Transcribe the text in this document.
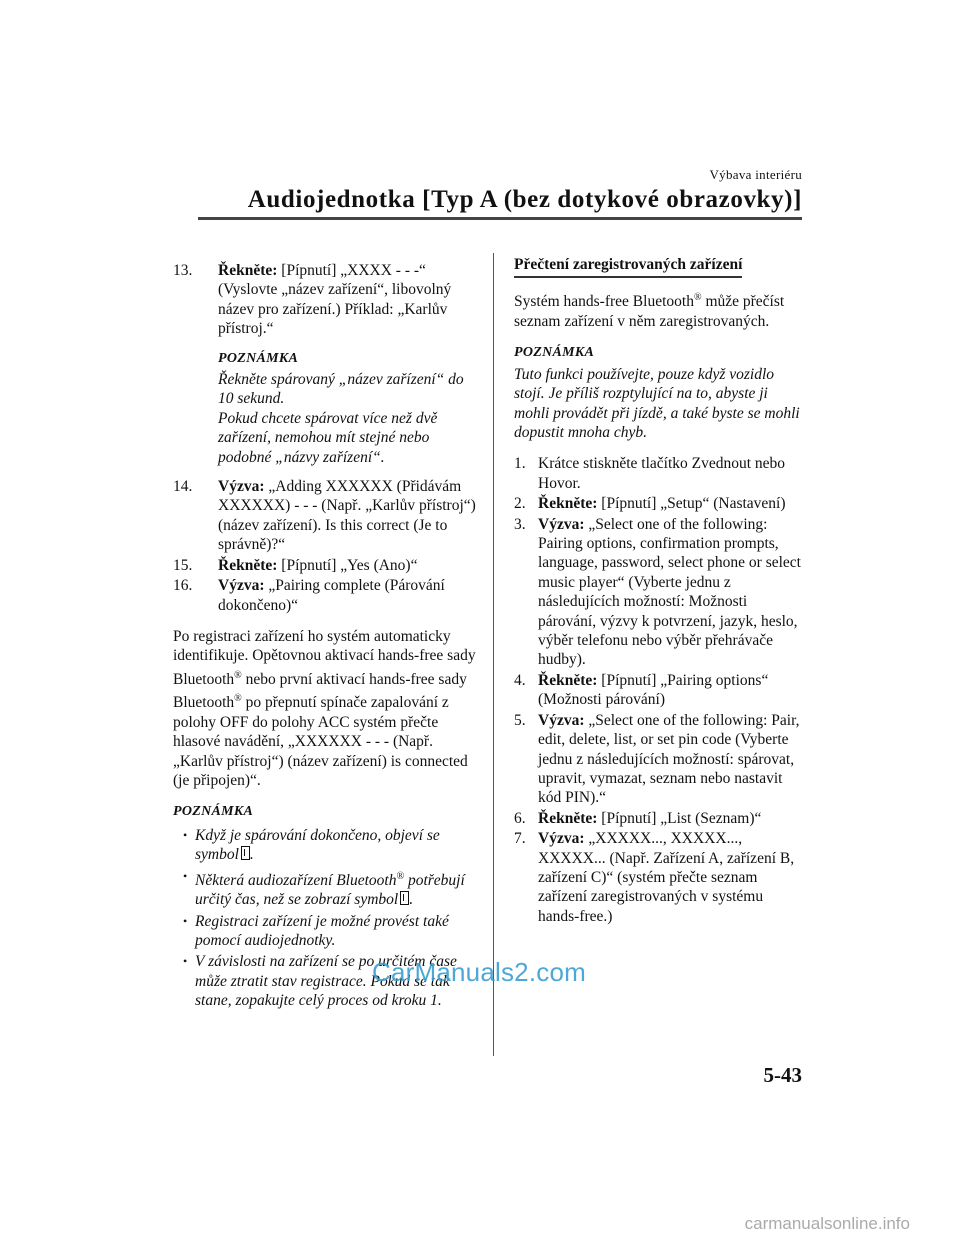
Výbava interiéru
Audiojednotka [Typ A (bez dotykové obrazovky)]
13.	Řekněte: [Pípnutí] „XXXX - - -“ (Vyslovte „název zařízení“, libovolný název pro zařízení.) Příklad: „Karlův přístroj.“
POZNÁMKA
Řekněte spárovaný „název zařízení“ do 10 sekund.
Pokud chcete spárovat více než dvě zařízení, nemohou mít stejné nebo podobné „názvy zařízení“.
14.	Výzva: „Adding XXXXXX (Přidávám XXXXXX) - - - (Např. „Karlův přístroj“) (název zařízení). Is this correct (Je to správně)?“
15.	Řekněte: [Pípnutí] „Yes (Ano)“
16.	Výzva: „Pairing complete (Párování dokončeno)“
Po registraci zařízení ho systém automaticky identifikuje. Opětovnou aktivací hands-free sady Bluetooth® nebo první aktivací hands-free sady Bluetooth® po přepnutí spínače zapalování z polohy OFF do polohy ACC systém přečte hlasové navádění, „XXXXXX - - - (Např. „Karlův přístroj“) (název zařízení) is connected (je připojen)“.
POZNÁMKA
• Když je spárování dokončeno, objeví se symbol .
• Některá audiozařízení Bluetooth® potřebují určitý čas, než se zobrazí symbol .
• Registraci zařízení je možné provést také pomocí audiojednotky.
• V závislosti na zařízení se po určitém čase může ztratit stav registrace. Pokud se tak stane, zopakujte celý proces od kroku 1.
Přečtení zaregistrovaných zařízení
Systém hands-free Bluetooth® může přečíst seznam zařízení v něm zaregistrovaných.
POZNÁMKA
Tuto funkci používejte, pouze když vozidlo stojí. Je příliš rozptylující na to, abyste ji mohli provádět při jízdě, a také byste se mohli dopustit mnoha chyb.
1. Krátce stiskněte tlačítko Zvednout nebo Hovor.
2. Řekněte: [Pípnutí] „Setup“ (Nastavení)
3. Výzva: „Select one of the following: Pairing options, confirmation prompts, language, password, select phone or select music player“ (Vyberte jednu z následujících možností: Možnosti párování, výzvy k potvrzení, jazyk, heslo, výběr telefonu nebo výběr přehrávače hudby).
4. Řekněte: [Pípnutí] „Pairing options“ (Možnosti párování)
5. Výzva: „Select one of the following: Pair, edit, delete, list, or set pin code (Vyberte jednu z následujících možností: spárovat, upravit, vymazat, seznam nebo nastavit kód PIN).“
6. Řekněte: [Pípnutí] „List (Seznam)“
7. Výzva: „XXXXX..., XXXXX..., XXXXX... (Např. Zařízení A, zařízení B, zařízení C)“ (systém přečte seznam zařízení zaregistrovaných v systému hands-free.)
5-43
CarManuals2.com
carmanualsonline.info
